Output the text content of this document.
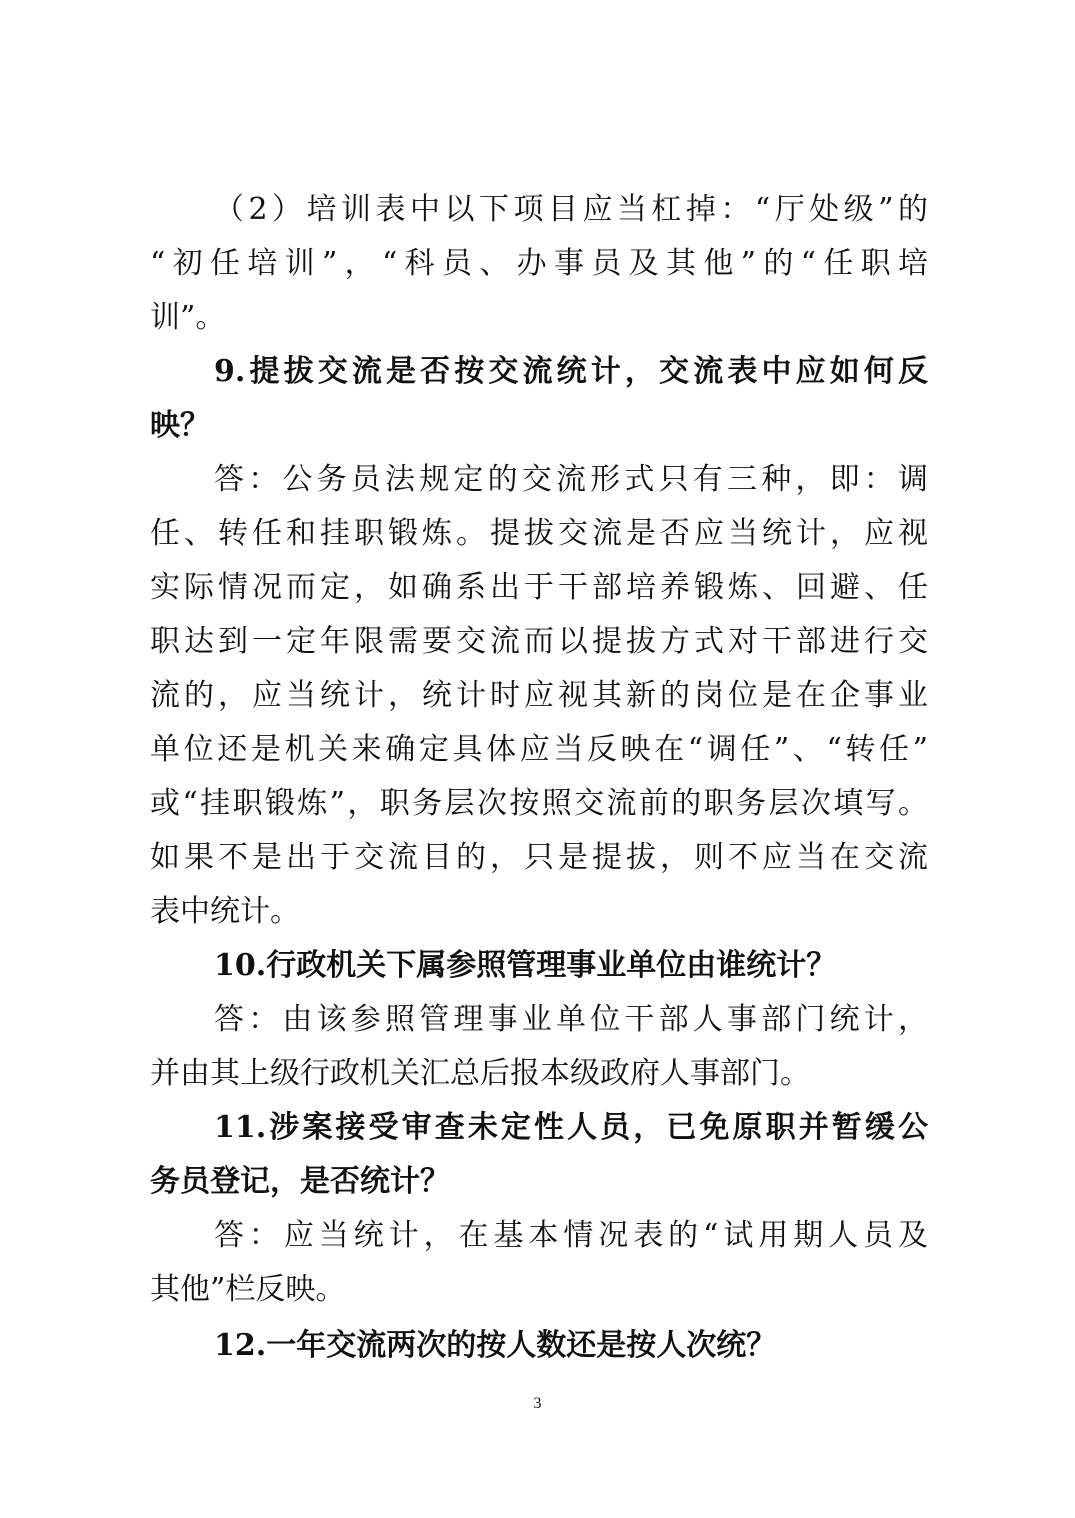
（2）培训表中以下项目应当杠掉：“厅处级”的
“初任培训”，“科员、办事员及其他”的“任职培
训”。
9.提拔交流是否按交流统计，交流表中应如何反
映？
答：公务员法规定的交流形式只有三种，即：调
任、转任和挂职锻炼。提拔交流是否应当统计，应视
实际情况而定，如确系出于干部培养锻炼、回避、任
职达到一定年限需要交流而以提拔方式对干部进行交
流的，应当统计，统计时应视其新的岗位是在企事业
单位还是机关来确定具体应当反映在“调任”、“转任”
或“挂职锻炼”，职务层次按照交流前的职务层次填写。
如果不是出于交流目的，只是提拔，则不应当在交流
表中统计。
10.行政机关下属参照管理事业单位由谁统计？
答：由该参照管理事业单位干部人事部门统计，
并由其上级行政机关汇总后报本级政府人事部门。
11.涉案接受审查未定性人员，已免原职并暂缓公
务员登记，是否统计？
答：应当统计，在基本情况表的“试用期人员及
其他”栏反映。
12.一年交流两次的按人数还是按人次统？
3
